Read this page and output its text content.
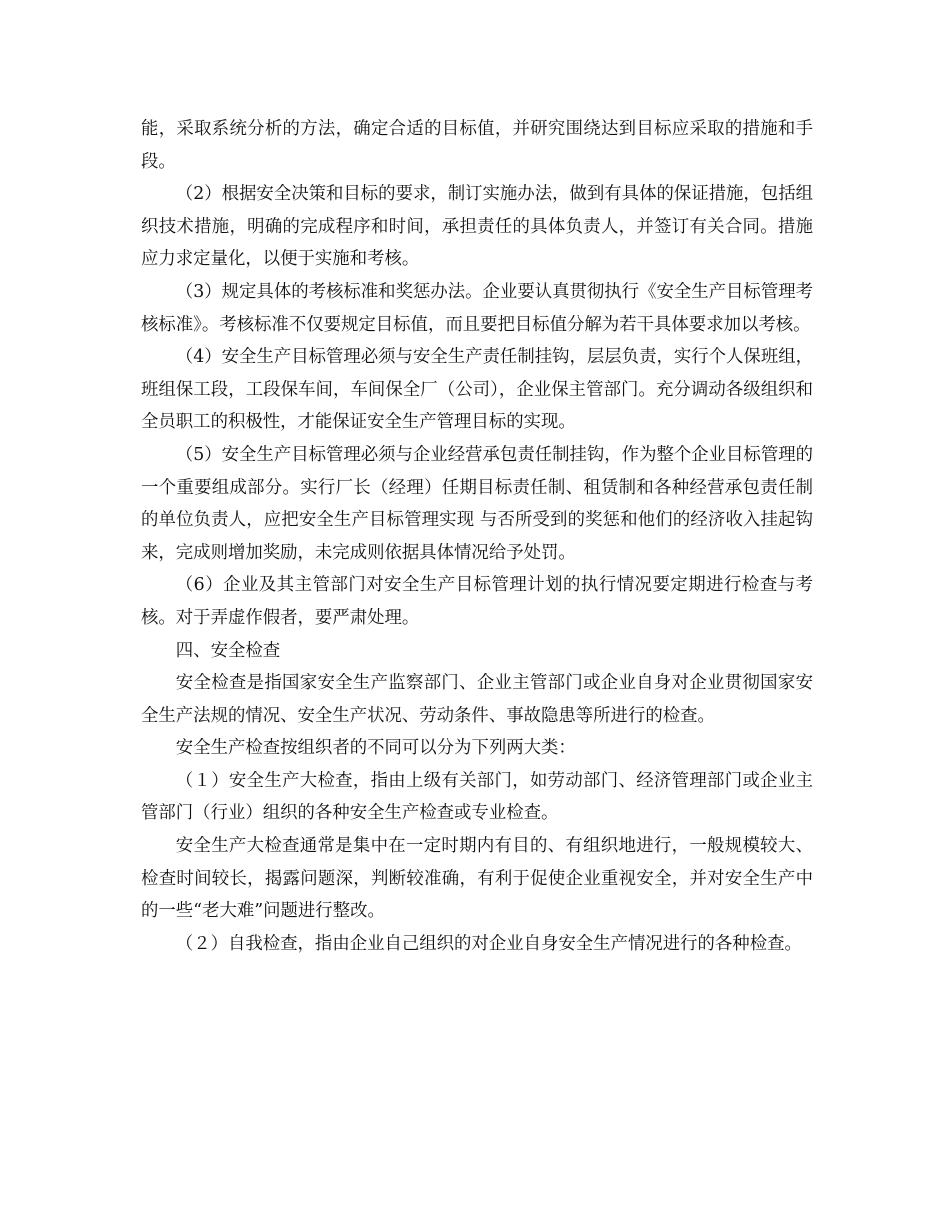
能，采取系统分析的方法，确定合适的目标值，并研究围绕达到目标应采取的措施和手段。

（2）根据安全决策和目标的要求，制订实施办法，做到有具体的保证措施，包括组织技术措施，明确的完成程序和时间，承担责任的具体负责人，并签订有关合同。措施应力求定量化，以便于实施和考核。

（3）规定具体的考核标准和奖惩办法。企业要认真贯彻执行《安全生产目标管理考核标准》。考核标准不仅要规定目标值，而且要把目标值分解为若干具体要求加以考核。

（4）安全生产目标管理必须与安全生产责任制挂钩，层层负责，实行个人保班组，班组保工段，工段保车间，车间保全厂（公司），企业保主管部门。充分调动各级组织和全员职工的积极性，才能保证安全生产管理目标的实现。

（5）安全生产目标管理必须与企业经营承包责任制挂钩，作为整个企业目标管理的一个重要组成部分。实行厂长（经理）任期目标责任制、租赁制和各种经营承包责任制的单位负责人，应把安全生产目标管理实现 与否所受到的奖惩和他们的经济收入挂起钩来，完成则增加奖励，未完成则依据具体情况给予处罚。

（6）企业及其主管部门对安全生产目标管理计划的执行情况要定期进行检查与考核。对于弄虚作假者，要严肃处理。

四、安全检查

安全检查是指国家安全生产监察部门、企业主管部门或企业自身对企业贯彻国家安全生产法规的情况、安全生产状况、劳动条件、事故隐患等所进行的检查。

安全生产检查按组织者的不同可以分为下列两大类：

（１）安全生产大检查，指由上级有关部门，如劳动部门、经济管理部门或企业主管部门（行业）组织的各种安全生产检查或专业检查。

安全生产大检查通常是集中在一定时期内有目的、有组织地进行，一般规模较大、检查时间较长，揭露问题深，判断较准确，有利于促使企业重视安全，并对安全生产中的一些“老大难”问题进行整改。

（２）自我检查，指由企业自己组织的对企业自身安全生产情况进行的各种检查。
